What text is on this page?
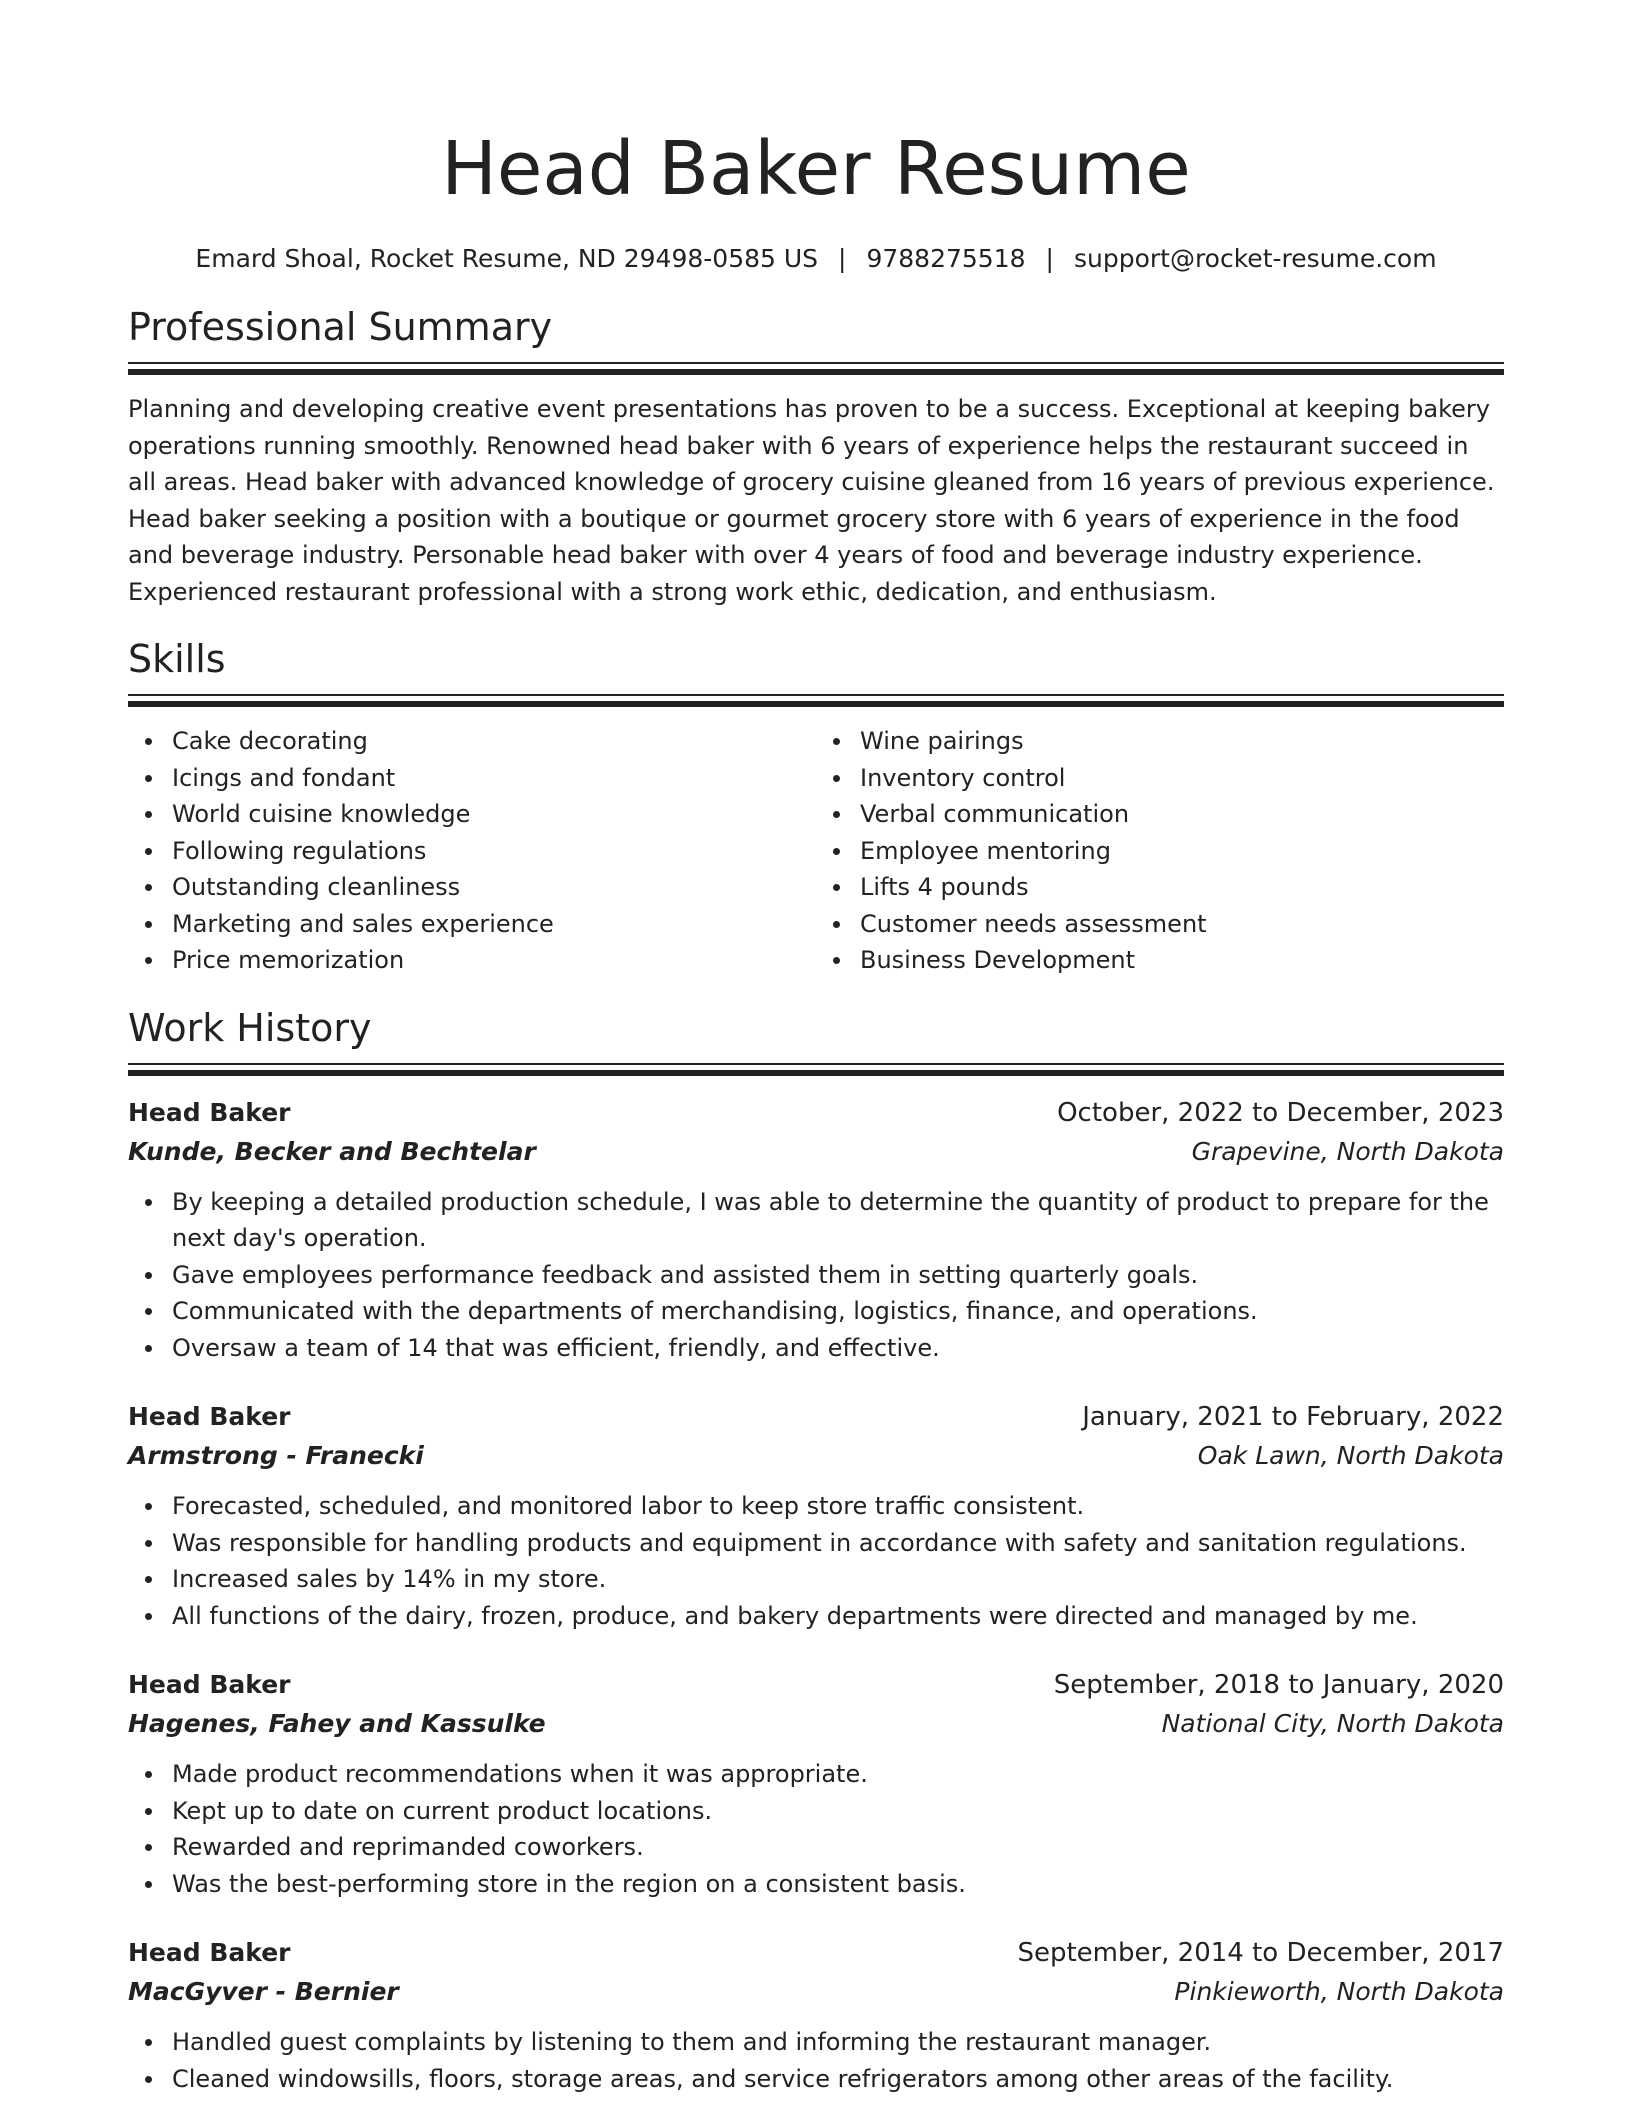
Head Baker Resume
Emard Shoal, Rocket Resume, ND 29498-0585 US | 9788275518 | support@rocket-resume.com
Professional Summary
Planning and developing creative event presentations has proven to be a success. Exceptional at keeping bakery operations running smoothly. Renowned head baker with 6 years of experience helps the restaurant succeed in all areas. Head baker with advanced knowledge of grocery cuisine gleaned from 16 years of previous experience. Head baker seeking a position with a boutique or gourmet grocery store with 6 years of experience in the food and beverage industry. Personable head baker with over 4 years of food and beverage industry experience. Experienced restaurant professional with a strong work ethic, dedication, and enthusiasm.
Skills
Cake decorating
Icings and fondant
World cuisine knowledge
Following regulations
Outstanding cleanliness
Marketing and sales experience
Price memorization
Wine pairings
Inventory control
Verbal communication
Employee mentoring
Lifts 4 pounds
Customer needs assessment
Business Development
Work History
Head Baker	October, 2022 to December, 2023
Kunde, Becker and Bechtelar	Grapevine, North Dakota
By keeping a detailed production schedule, I was able to determine the quantity of product to prepare for the next day's operation.
Gave employees performance feedback and assisted them in setting quarterly goals.
Communicated with the departments of merchandising, logistics, finance, and operations.
Oversaw a team of 14 that was efficient, friendly, and effective.
Head Baker	January, 2021 to February, 2022
Armstrong - Franecki	Oak Lawn, North Dakota
Forecasted, scheduled, and monitored labor to keep store traffic consistent.
Was responsible for handling products and equipment in accordance with safety and sanitation regulations.
Increased sales by 14% in my store.
All functions of the dairy, frozen, produce, and bakery departments were directed and managed by me.
Head Baker	September, 2018 to January, 2020
Hagenes, Fahey and Kassulke	National City, North Dakota
Made product recommendations when it was appropriate.
Kept up to date on current product locations.
Rewarded and reprimanded coworkers.
Was the best-performing store in the region on a consistent basis.
Head Baker	September, 2014 to December, 2017
MacGyver - Bernier	Pinkieworth, North Dakota
Handled guest complaints by listening to them and informing the restaurant manager.
Cleaned windowsills, floors, storage areas, and service refrigerators among other areas of the facility.
